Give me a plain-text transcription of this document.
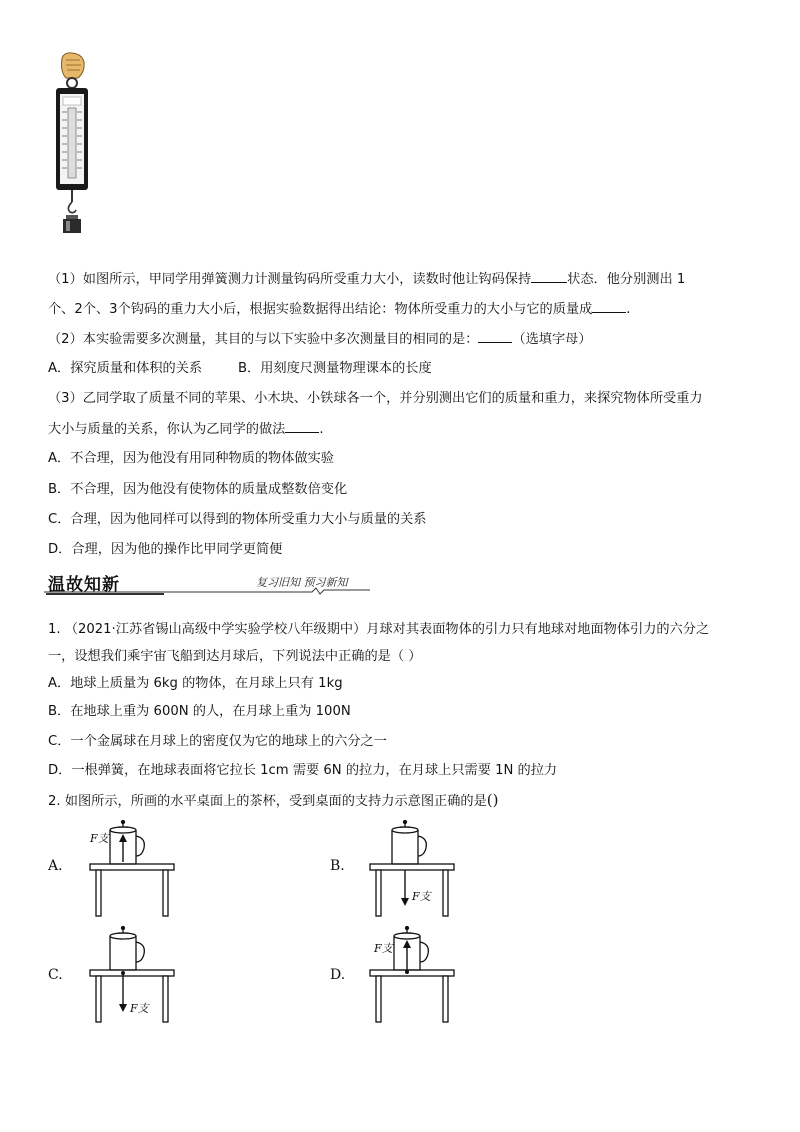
（1）如图所示，甲同学用弹簧测力计测量钩码所受重力大小，读数时他让钩码保持	状态．他分别测出 1
个、2个、3个钩码的重力大小后，根据实验数据得出结论：物体所受重力的大小与它的质量成	.
（2）本实验需要多次测量，其目的与以下实验中多次测量目的相同的是：	（选填字母）
A．探究质量和体积的关系	B．用刻度尺测量物理课本的长度
（3）乙同学取了质量不同的苹果、小木块、小铁球各一个，并分别测出它们的质量和重力，来探究物体所受重力
大小与质量的关系，你认为乙同学的做法	.
A．不合理，因为他没有用同种物质的物体做实验
B．不合理，因为他没有使物体的质量成整数倍变化
C．合理，因为他同样可以得到的物体所受重力大小与质量的关系
D．合理，因为他的操作比甲同学更简便
温故知新	复习旧知 预习新知
1. （2021·江苏省锡山高级中学实验学校八年级期中）月球对其表面物体的引力只有地球对地面物体引力的六分之
一，设想我们乘宇宙飞船到达月球后，下列说法中正确的是（ ）
A．地球上质量为 6kg 的物体，在月球上只有 1kg
B．在地球上重为 600N 的人，在月球上重为 100N
C．一个金属球在月球上的密度仅为它的地球上的六分之一
D．一根弹簧，在地球表面将它拉长 1cm 需要 6N 的拉力，在月球上只需要 1N 的拉力
2. 如图所示，所画的水平桌面上的茶杯，受到桌面的支持力示意图正确的是()
A.	B.
C.	D.
F支
F支
F支
F支
